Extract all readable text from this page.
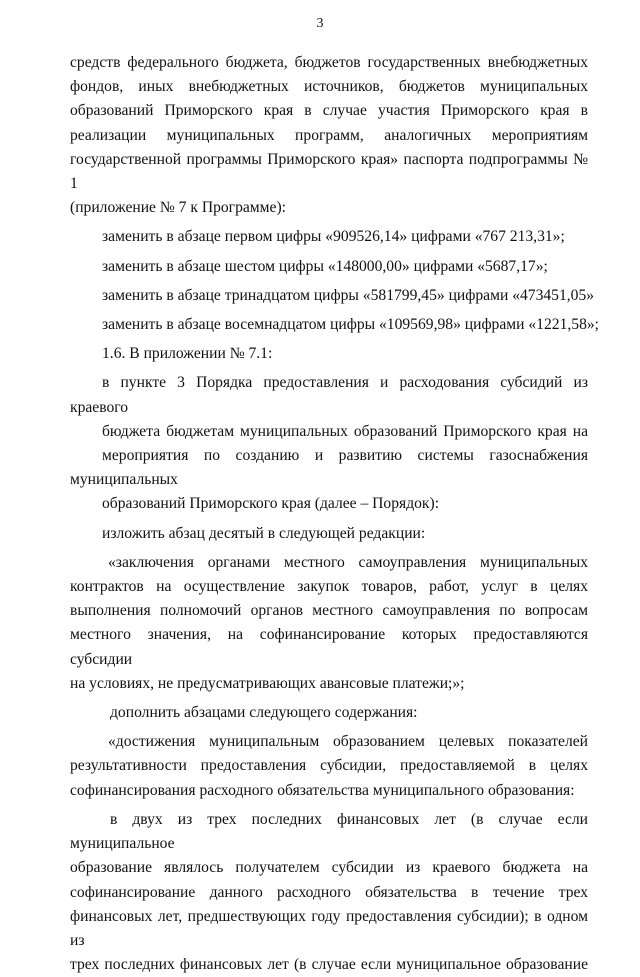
3
средств федерального бюджета, бюджетов государственных внебюджетных
фондов, иных внебюджетных источников, бюджетов муниципальных
образований Приморского края в случае участия Приморского края в
реализации муниципальных программ, аналогичных мероприятиям
государственной программы Приморского края» паспорта подпрограммы № 1
(приложение № 7 к Программе):
заменить в абзаце первом цифры «909526,14» цифрами «767 213,31»;
заменить в абзаце шестом цифры «148000,00» цифрами «5687,17»;
заменить в абзаце тринадцатом цифры «581799,45» цифрами «473451,05»
заменить в абзаце восемнадцатом цифры «109569,98» цифрами «1221,58»;
1.6. В приложении № 7.1:
в пункте 3 Порядка предоставления и расходования субсидий из краевого
бюджета бюджетам муниципальных образований Приморского края на
мероприятия по созданию и развитию системы газоснабжения муниципальных
образований Приморского края (далее – Порядок):
изложить абзац десятый в следующей редакции:
«заключения органами местного самоуправления муниципальных
контрактов на осуществление закупок товаров, работ, услуг в целях
выполнения полномочий органов местного самоуправления по вопросам
местного значения, на софинансирование которых предоставляются субсидии
на условиях, не предусматривающих авансовые платежи;»;
дополнить абзацами следующего содержания:
«достижения муниципальным образованием целевых показателей
результативности предоставления субсидии, предоставляемой в целях
софинансирования расходного обязательства муниципального образования:
в двух из трех последних финансовых лет (в случае если муниципальное
образование являлось получателем субсидии из краевого бюджета на
софинансирование данного расходного обязательства в течение трех
финансовых лет, предшествующих году предоставления субсидии); в одном из
трех последних финансовых лет (в случае если муниципальное образование
